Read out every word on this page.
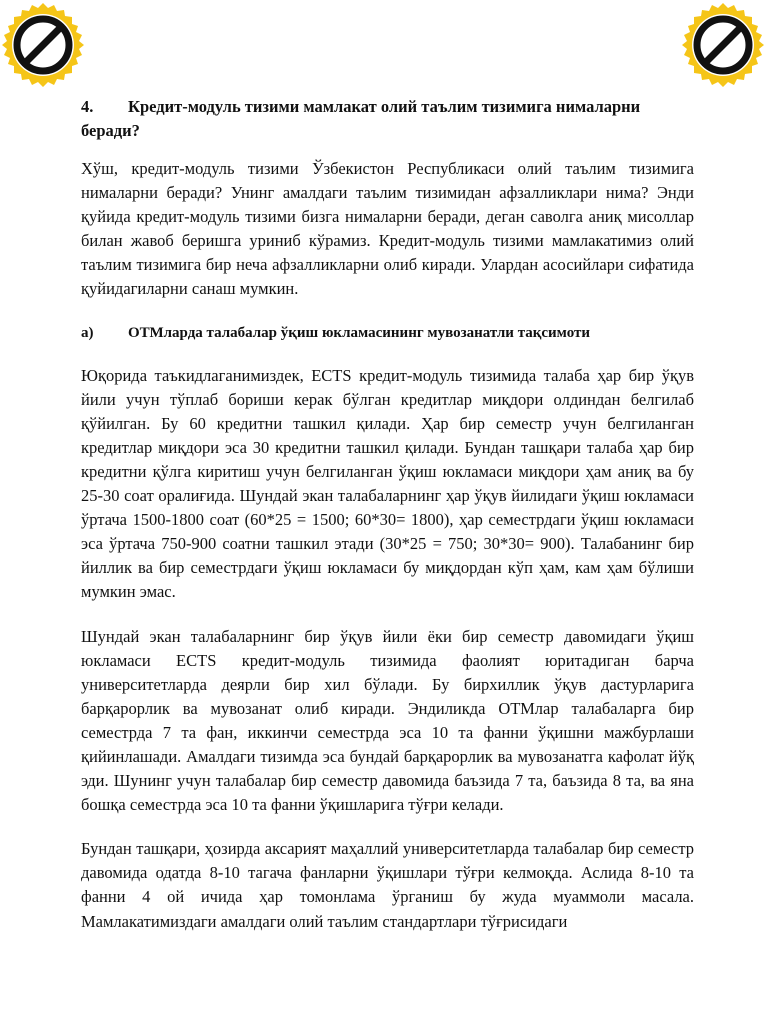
4. Кредит-модуль тизими мамлакат олий таълим тизимига нималарни беради?

Хўш, кредит-модуль тизими Ўзбекистон Республикаси олий таълим тизимига нималарни беради? Унинг амалдаги таълим тизимидан афзалликлари нима? Энди қуйида кредит-модуль тизими бизга нималарни беради, деган саволга аниқ мисоллар билан жавоб беришга уриниб кўрамиз. Кредит-модуль тизими мамлакатимиз олий таълим тизимига бир неча афзалликларни олиб киради. Улардан асосийлари сифатида қуйидагиларни санаш мумкин.

а) ОТМларда талабалар ўқиш юкламасининг мувозанатли тақсимоти

Юқорида таъкидлаганимиздек, ECTS кредит-модуль тизимида талаба ҳар бир ўқув йили учун тўплаб бориши керак бўлган кредитлар миқдори олдиндан белгилаб қўйилган. Бу 60 кредитни ташкил қилади. Ҳар бир семестр учун белгиланган кредитлар миқдори эса 30 кредитни ташкил қилади. Бундан ташқари талаба ҳар бир кредитни қўлга киритиш учун белгиланган ўқиш юкламаси миқдори ҳам аниқ ва бу 25-30 соат оралиғида. Шундай экан талабаларнинг ҳар ўқув йилидаги ўқиш юкламаси ўртача 1500-1800 соат (60*25 = 1500; 60*30= 1800), ҳар семестрдаги ўқиш юкламаси эса ўртача 750-900 соатни ташкил этади (30*25 = 750; 30*30= 900). Талабанинг бир йиллик ва бир семестрдаги ўқиш юкламаси бу миқдордан кўп ҳам, кам ҳам бўлиши мумкин эмас.

Шундай экан талабаларнинг бир ўқув йили ёки бир семестр давомидаги ўқиш юкламаси ECTS кредит-модуль тизимида фаолият юритадиган барча университетларда деярли бир хил бўлади. Бу бирхиллик ўқув дастурларига барқарорлик ва мувозанат олиб киради. Эндиликда ОТМлар талабаларга бир семестрда 7 та фан, иккинчи семестрда эса 10 та фанни ўқишни мажбурлаши қийинлашади. Амалдаги тизимда эса бундай барқарорлик ва мувозанатга кафолат йўқ эди. Шунинг учун талабалар бир семестр давомида баъзида 7 та, баъзида 8 та, ва яна бошқа семестрда эса 10 та фанни ўқишларига тўғри келади.

Бундан ташқари, ҳозирда аксарият маҳаллий университетларда талабалар бир семестр давомида одатда 8-10 тагача фанларни ўқишлари тўғри келмоқда. Аслида 8-10 та фанни 4 ой ичида ҳар томонлама ўрганиш бу жуда муаммоли масала. Мамлакатимиздаги амалдаги олий таълим стандартлари тўғрисидаги
